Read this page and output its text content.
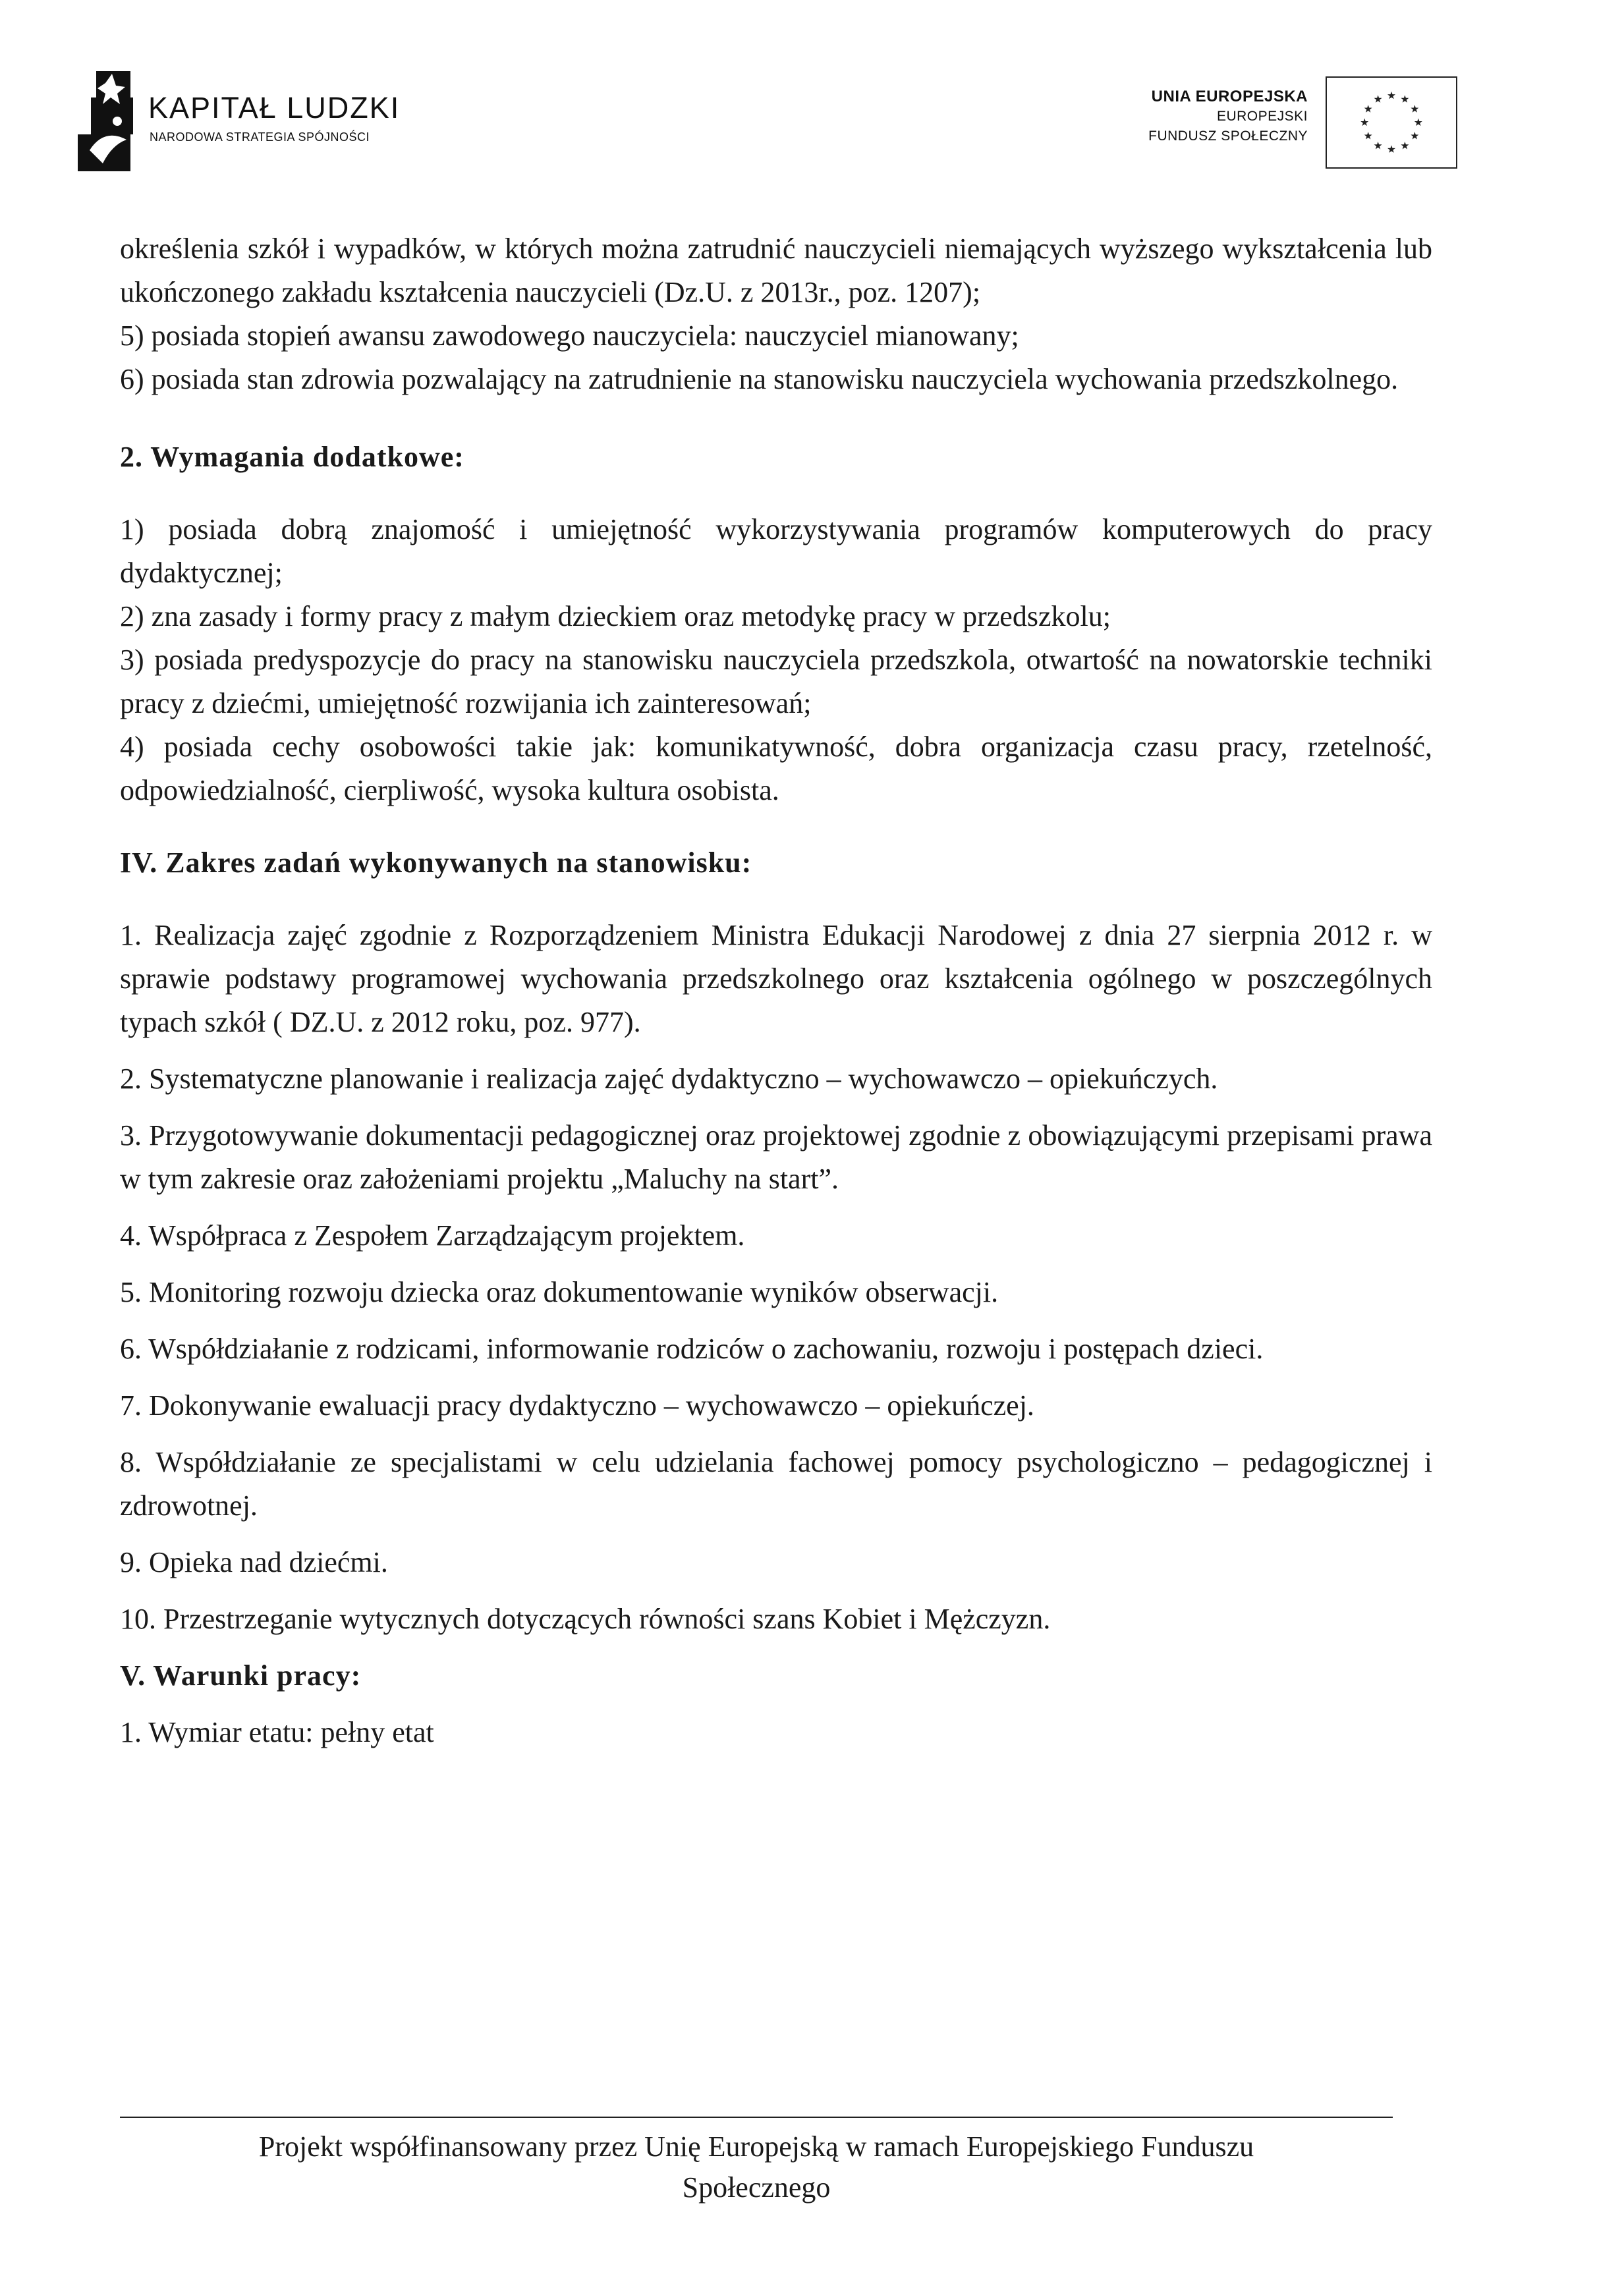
KAPITAŁ LUDZKI
NARODOWA STRATEGIA SPÓJNOŚCI
UNIA EUROPEJSKA
EUROPEJSKI
FUNDUSZ SPOŁECZNY

określenia szkół i wypadków, w których można zatrudnić nauczycieli niemających wyższego wykształcenia lub ukończonego zakładu kształcenia nauczycieli (Dz.U. z 2013r., poz. 1207);

5) posiada stopień awansu zawodowego nauczyciela: nauczyciel mianowany;

6) posiada stan zdrowia pozwalający na zatrudnienie na stanowisku nauczyciela wychowania przedszkolnego.

2. Wymagania dodatkowe:

1) posiada dobrą znajomość i umiejętność wykorzystywania programów komputerowych do pracy dydaktycznej;

2) zna zasady i formy pracy z małym dzieckiem oraz metodykę pracy w przedszkolu;

3) posiada predyspozycje do pracy na stanowisku nauczyciela przedszkola, otwartość na nowatorskie techniki pracy z dziećmi, umiejętność rozwijania ich zainteresowań;

4) posiada cechy osobowości takie jak: komunikatywność, dobra organizacja czasu pracy, rzetelność, odpowiedzialność, cierpliwość, wysoka kultura osobista.

IV. Zakres zadań wykonywanych na stanowisku:

1. Realizacja zajęć zgodnie z Rozporządzeniem Ministra Edukacji Narodowej z dnia 27 sierpnia 2012 r. w sprawie podstawy programowej wychowania przedszkolnego oraz kształcenia ogólnego w poszczególnych typach szkół ( DZ.U. z 2012 roku, poz. 977).

2. Systematyczne planowanie i realizacja zajęć dydaktyczno – wychowawczo – opiekuńczych.

3. Przygotowywanie dokumentacji pedagogicznej oraz projektowej zgodnie z obowiązującymi przepisami prawa w tym zakresie oraz założeniami projektu „Maluchy na start”.

4. Współpraca z Zespołem Zarządzającym projektem.

5. Monitoring rozwoju dziecka oraz dokumentowanie wyników obserwacji.

6. Współdziałanie z rodzicami, informowanie rodziców o zachowaniu, rozwoju i postępach dzieci.

7. Dokonywanie ewaluacji pracy dydaktyczno – wychowawczo – opiekuńczej.

8. Współdziałanie ze specjalistami w celu udzielania fachowej pomocy psychologiczno – pedagogicznej i zdrowotnej.

9. Opieka nad dziećmi.

10. Przestrzeganie wytycznych dotyczących równości szans Kobiet i Mężczyzn.

V. Warunki pracy:

1. Wymiar etatu: pełny etat

Projekt współfinansowany przez Unię Europejską w ramach Europejskiego Funduszu
Społecznego
